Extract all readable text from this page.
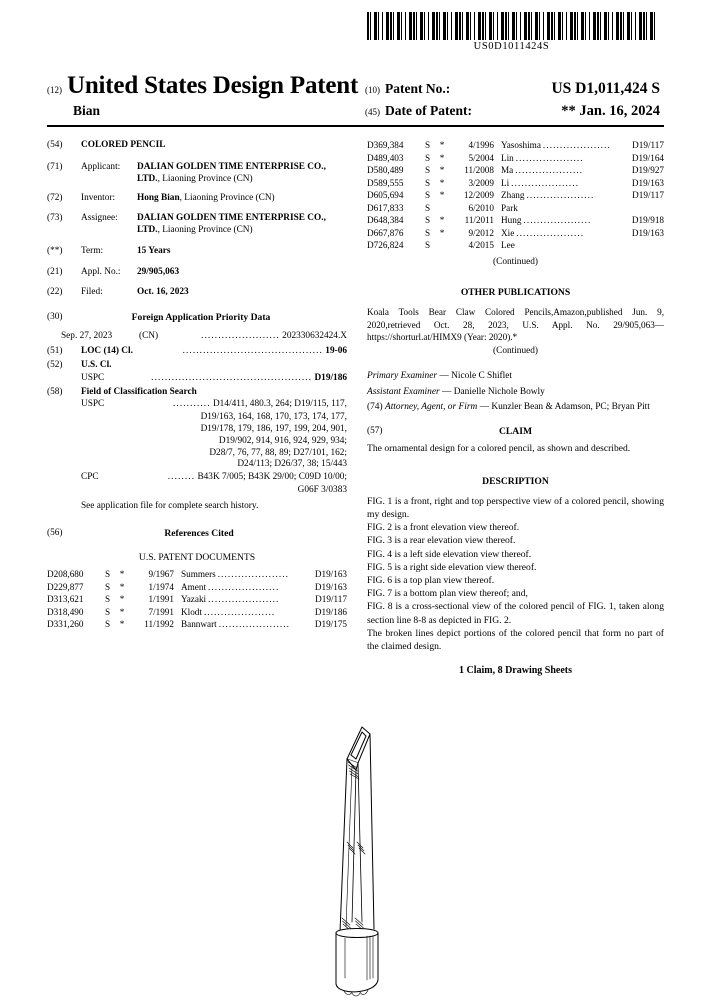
US0D1011424S
(12) United States Design Patent (10) Patent No.:	US D1,011,424 S
Bian	(45) Date of Patent:	** Jan. 16, 2024
(54)	COLORED PENCIL
(71)	Applicant:	DALIAN GOLDEN TIME ENTERPRISE CO., LTD., Liaoning Province (CN)
(72)	Inventor:	Hong Bian, Liaoning Province (CN)
(73)	Assignee:	DALIAN GOLDEN TIME ENTERPRISE CO., LTD., Liaoning Province (CN)
(**)	Term:	15 Years
(21)	Appl. No.:	29/905,063
(22)	Filed:	Oct. 16, 2023
(30)	Foreign Application Priority Data
Sep. 27, 2023	(CN)	....................... 202330632424.X
(51)	LOC (14) Cl.	......................................... 19-06
(52)	U.S. Cl.
USPC	............................................... D19/186
(58)	Field of Classification Search
USPC	........... D14/411, 480.3, 264; D19/115, 117,
D19/163, 164, 168, 170, 173, 174, 177,
D19/178, 179, 186, 197, 199, 204, 901,
D19/902, 914, 916, 924, 929, 934;
D28/7, 76, 77, 88, 89; D27/101, 162;
D24/113; D26/37, 38; 15/443
CPC	........ B43K 7/005; B43K 29/00; C09D 10/00;
G06F 3/0383
See application file for complete search history.
(56)	References Cited
U.S. PATENT DOCUMENTS
D208,680	S	*	9/1967	Summers .....................	D19/163
D229,877	S	*	1/1974	Ament .....................	D19/163
D313,621	S	*	1/1991	Yazaki .....................	D19/117
D318,490	S	*	7/1991	Klodt .....................	D19/186
D331,260	S	*	11/1992	Bannwart .....................	D19/175
D369,384	S	*	4/1996	Yasoshima ....................	D19/117
D489,403	S	*	5/2004	Lin ....................	D19/164
D580,489	S	*	11/2008	Ma ....................	D19/927
D589,555	S	*	3/2009	Li ....................	D19/163
D605,694	S	*	12/2009	Zhang ....................	D19/117
D617,833	S		6/2010	Park	

D648,384	S	*	11/2011	Hung ....................	D19/918
D667,876	S	*	9/2012	Xie ....................	D19/163
D726,824	S		4/2015	Lee	

(Continued)
OTHER PUBLICATIONS
Koala Tools Bear Claw Colored Pencils,Amazon,published Jun. 9, 2020,retrieved Oct. 28, 2023, U.S. Appl. No. 29/905,063—https://shorturl.at/HIMX9 (Year: 2020).*
(Continued)
Primary Examiner — Nicole C Shiflet
Assistant Examiner — Danielle Nichole Bowly
(74) Attorney, Agent, or Firm — Kunzler Bean & Adamson, PC; Bryan Pitt
(57)	CLAIM
The ornamental design for a colored pencil, as shown and described.
DESCRIPTION
FIG. 1 is a front, right and top perspective view of a colored pencil, showing my design.
FIG. 2 is a front elevation view thereof.
FIG. 3 is a rear elevation view thereof.
FIG. 4 is a left side elevation view thereof.
FIG. 5 is a right side elevation view thereof.
FIG. 6 is a top plan view thereof.
FIG. 7 is a bottom plan view thereof; and,
FIG. 8 is a cross-sectional view of the colored pencil of FIG. 1, taken along section line 8-8 as depicted in FIG. 2.
The broken lines depict portions of the colored pencil that form no part of the claimed design.
1 Claim, 8 Drawing Sheets
